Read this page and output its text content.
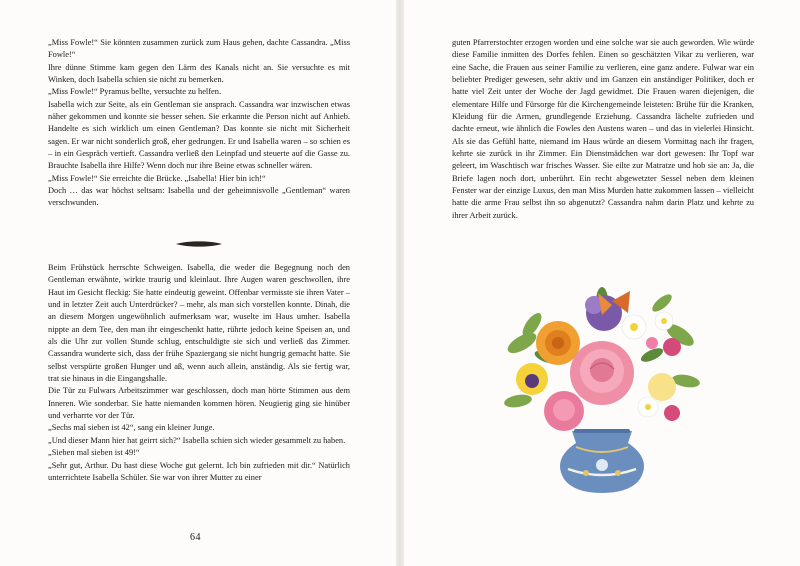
„Miss Fowle!“ Sie könnten zusammen zurück zum Haus gehen, dachte Cassandra. „Miss Fowle!“

Ihre dünne Stimme kam gegen den Lärm des Kanals nicht an. Sie versuchte es mit Winken, doch Isabella schien sie nicht zu bemerken.

„Miss Fowle!“ Pyramus bellte, versuchte zu helfen.

Isabella wich zur Seite, als ein Gentleman sie ansprach. Cassandra war inzwischen etwas näher gekommen und konnte sie besser sehen. Sie erkannte die Person nicht auf Anhieb. Handelte es sich wirklich um einen Gentleman? Das konnte sie nicht mit Sicherheit sagen. Er war nicht sonderlich groß, eher gedrungen. Er und Isabella waren – so schien es – in ein Gespräch vertieft. Cassandra verließ den Leinpfad und steuerte auf die Gasse zu. Brauchte Isabella ihre Hilfe? Wenn doch nur ihre Beine etwas schneller wären.

„Miss Fowle!“ Sie erreichte die Brücke. „Isabella! Hier bin ich!“

Doch … das war höchst seltsam: Isabella und der geheimnisvolle „Gentleman“ waren verschwunden.

Beim Frühstück herrschte Schweigen. Isabella, die weder die Begegnung noch den Gentleman erwähnte, wirkte traurig und kleinlaut. Ihre Augen waren geschwollen, ihre Haut im Gesicht fleckig: Sie hatte eindeutig geweint. Offenbar vermisste sie ihren Vater – und in letzter Zeit auch Unterdrücker? – mehr, als man sich vorstellen konnte. Dinah, die an diesem Morgen ungewöhnlich aufmerksam war, wuselte im Haus umher. Isabella nippte an dem Tee, den man ihr eingeschenkt hatte, rührte jedoch keine Speisen an, und als die Uhr zur vollen Stunde schlug, entschuldigte sie sich und verließ das Zimmer. Cassandra wunderte sich, dass der frühe Spaziergang sie nicht hungrig gemacht hatte. Sie selbst verspürte großen Hunger und aß, wenn auch allein, anständig. Als sie fertig war, trat sie hinaus in die Eingangshalle.

Die Tür zu Fulwars Arbeitszimmer war geschlossen, doch man hörte Stimmen aus dem Inneren. Wie sonderbar. Sie hatte niemanden kommen hören. Neugierig ging sie hinüber und verharrte vor der Tür.

„Sechs mal sieben ist 42“, sang ein kleiner Junge.

„Und dieser Mann hier hat geirrt sich?“ Isabella schien sich wieder gesammelt zu haben.

„Sieben mal sieben ist 49!“

„Sehr gut, Arthur. Du hast diese Woche gut gelernt. Ich bin zufrieden mit dir.“ Natürlich unterrichtete Isabella Schüler. Sie war von ihrer Mutter zu einer

64

guten Pfarrerstochter erzogen worden und eine solche war sie auch geworden. Wie würde diese Familie inmitten des Dorfes fehlen. Einen so geschätzten Vikar zu verlieren, war eine Sache, die Frauen aus seiner Familie zu verlieren, eine ganz andere. Fulwar war ein beliebter Prediger gewesen, sehr aktiv und im Ganzen ein anständiger Politiker, doch er hatte viel Zeit unter der Woche der Jagd gewidmet. Die Frauen waren diejenigen, die elementare Hilfe und Fürsorge für die Kirchengemeinde leisteten: Brühe für die Kranken, Kleidung für die Armen, grundlegende Erziehung. Cassandra lächelte zufrieden und dachte erneut, wie ähnlich die Fowles den Austens waren – und das in vielerlei Hinsicht. Als sie das Gefühl hatte, niemand im Haus würde an diesem Vormittag nach ihr fragen, kehrte sie zurück in ihr Zimmer. Ein Dienstmädchen war dort gewesen: Ihr Topf war geleert, im Waschtisch war frisches Wasser. Sie eilte zur Matratze und hob sie an: Ja, die Briefe lagen noch dort, unberührt. Ein recht abgewetzter Sessel neben dem kleinen Fenster war der einzige Luxus, den man Miss Murden hatte zukommen lassen – vielleicht hatte die arme Frau selbst ihn so abgenutzt? Cassandra nahm darin Platz und kehrte zu ihrer Arbeit zurück.
